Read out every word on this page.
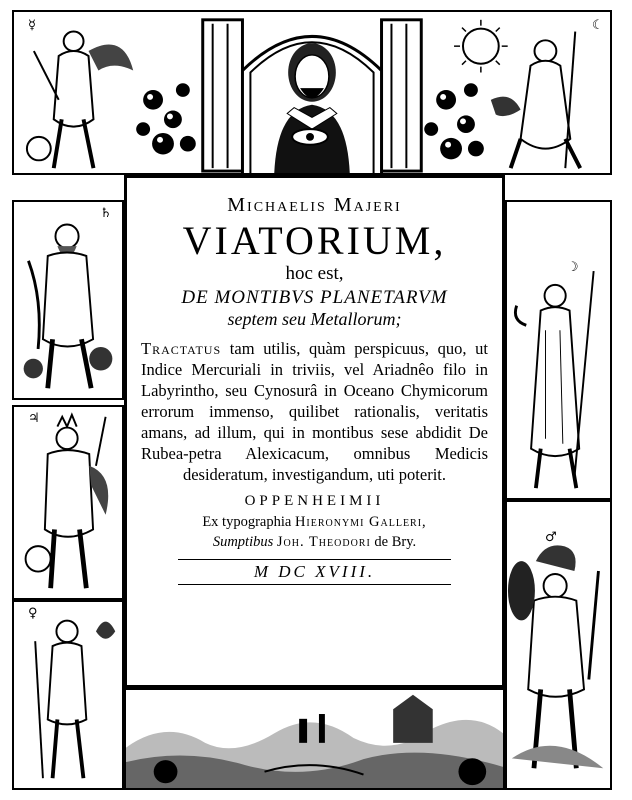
☿	☾
♄
♃
♀
☽
♂
Michaelis Majeri
VIATORIUM,
hoc est,
DE MONTIBVS PLANETARVM
septem seu Metallorum;
Tractatus tam utilis, quàm perspicuus, quo, ut Indice Mercuriali in triviis, vel Ariadnêo filo in Labyrintho, seu Cynosurâ in Oceano Chymicorum errorum immenso, quilibet rationalis, veritatis amans, ad illum, qui in montibus sese abdidit De Rubea-petra Alexicacum, omnibus Medicis desideratum, investigandum, uti poterit.
OPPENHEIMII
Ex typographia Hieronymi Galleri,
Sumptibus Joh. Theodori de Bry.
M DC XVIII.
